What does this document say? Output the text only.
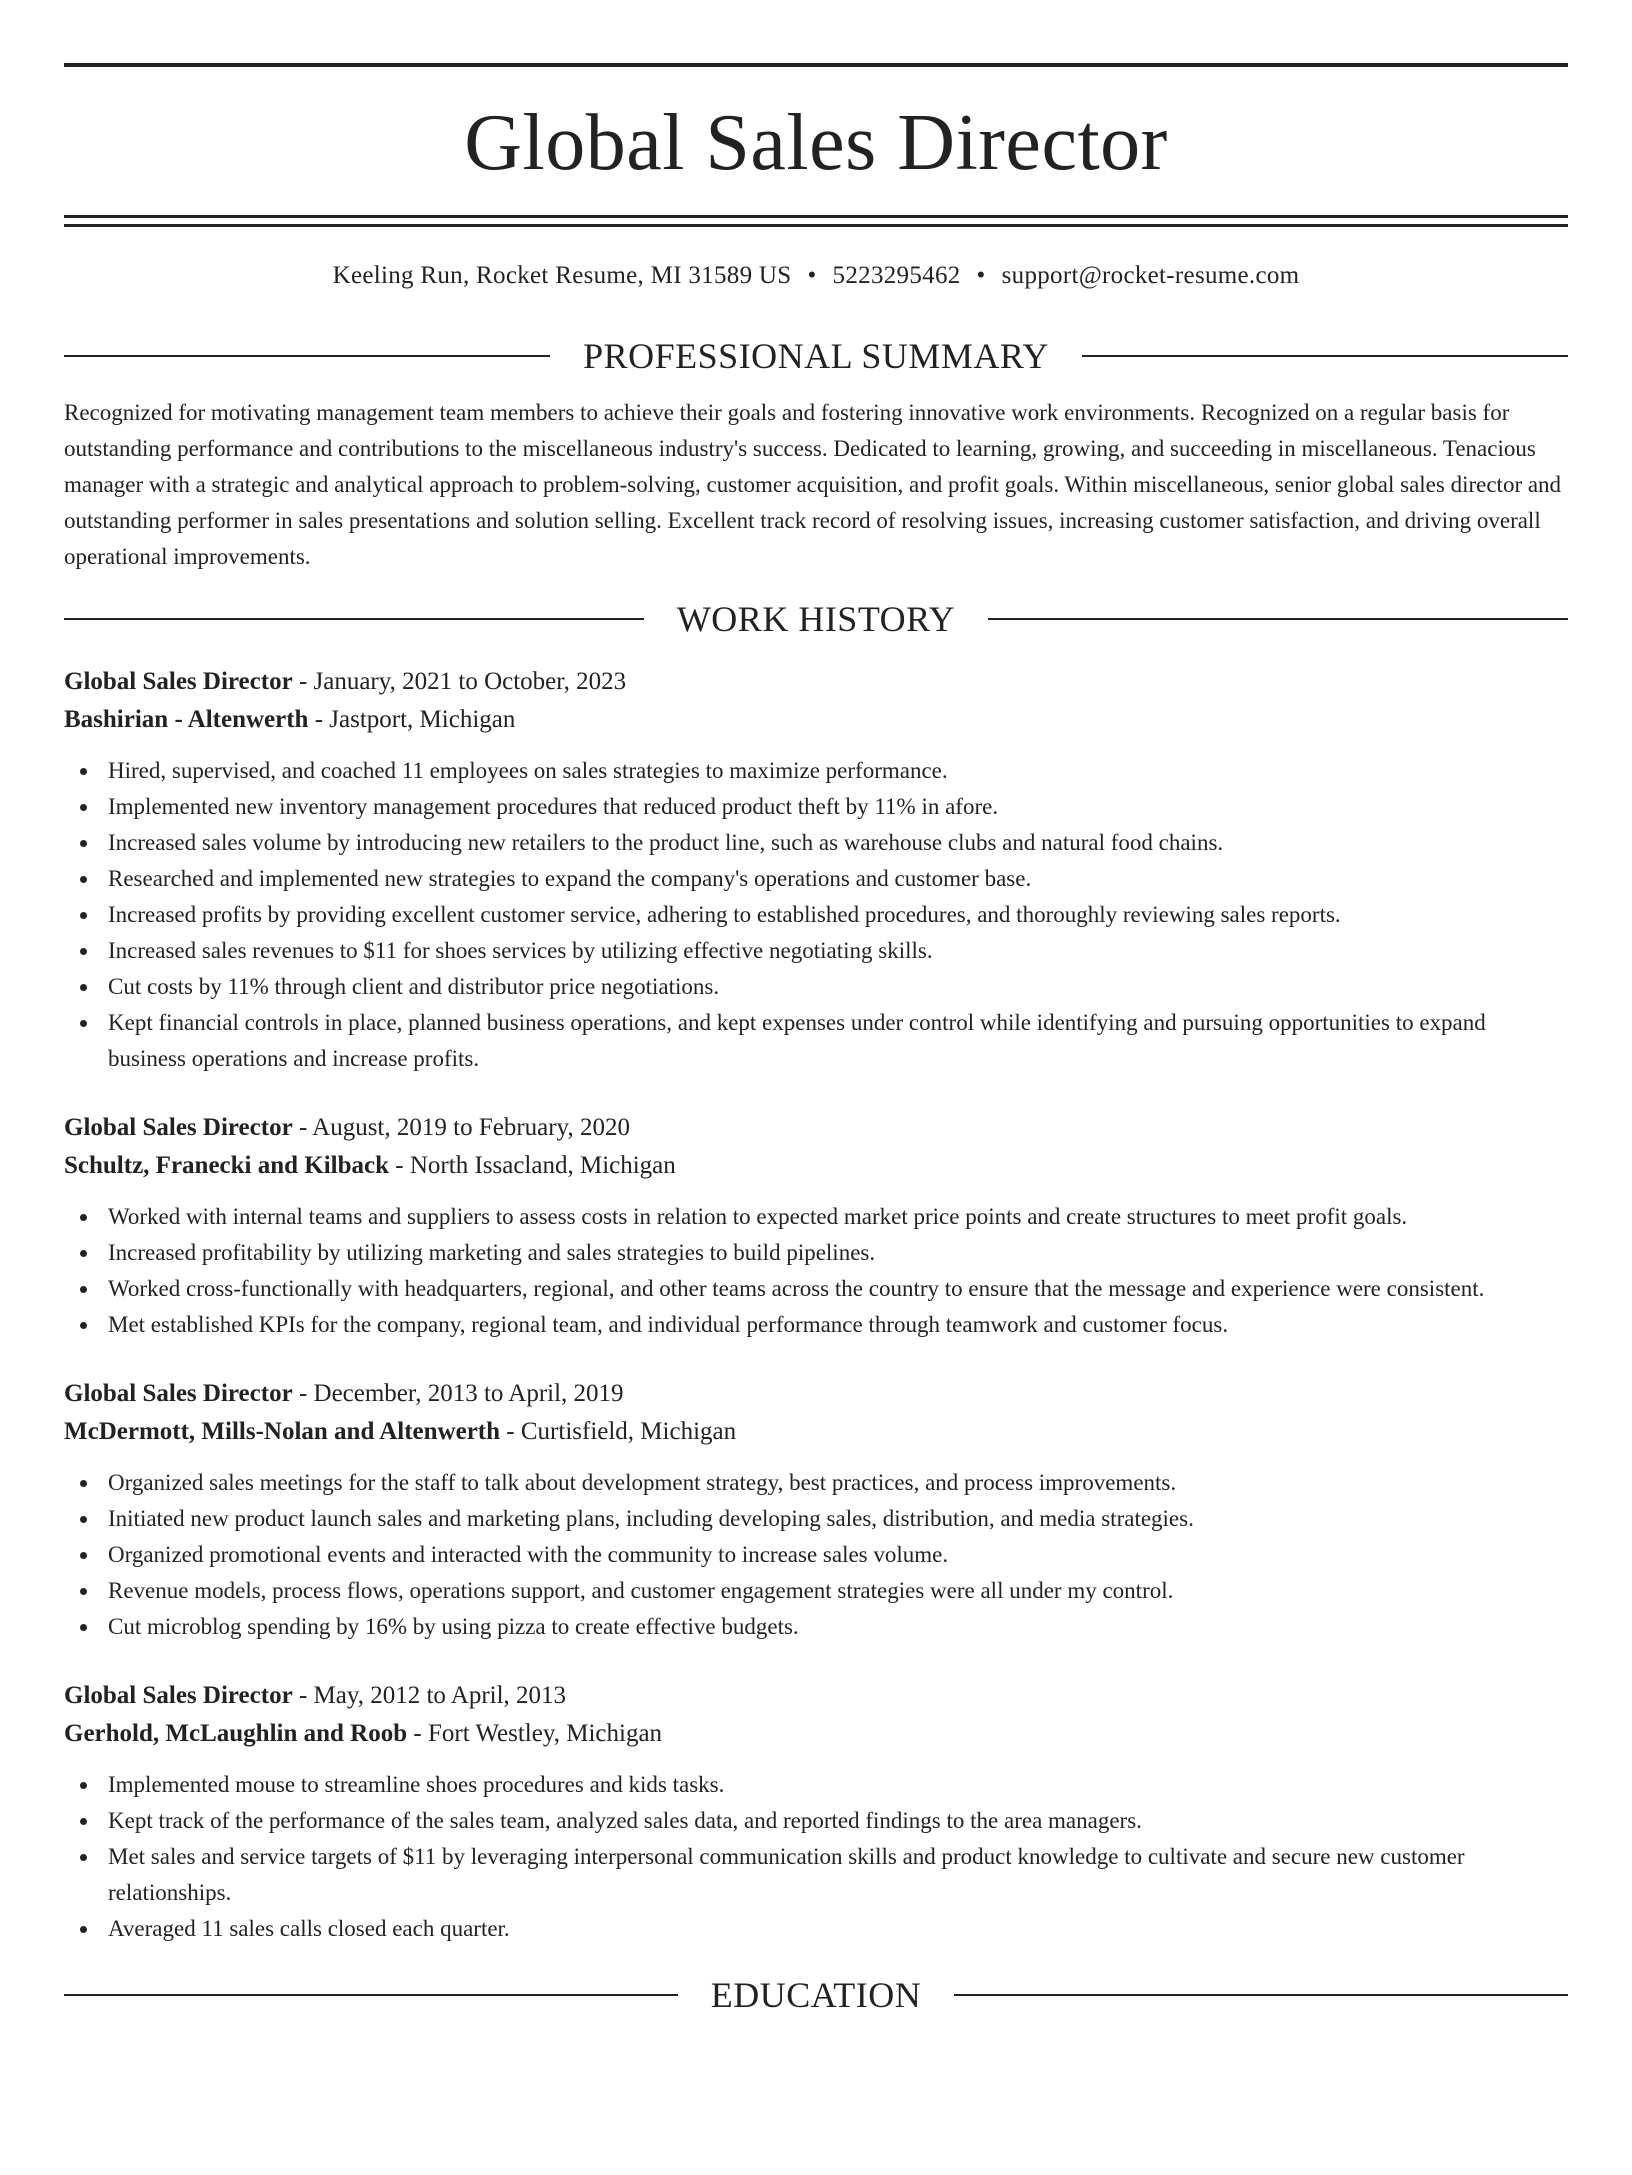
Global Sales Director
Keeling Run, Rocket Resume, MI 31589 US • 5223295462 • support@rocket-resume.com
PROFESSIONAL SUMMARY
Recognized for motivating management team members to achieve their goals and fostering innovative work environments. Recognized on a regular basis for outstanding performance and contributions to the miscellaneous industry's success. Dedicated to learning, growing, and succeeding in miscellaneous. Tenacious manager with a strategic and analytical approach to problem-solving, customer acquisition, and profit goals. Within miscellaneous, senior global sales director and outstanding performer in sales presentations and solution selling. Excellent track record of resolving issues, increasing customer satisfaction, and driving overall operational improvements.
WORK HISTORY
Global Sales Director - January, 2021 to October, 2023
Bashirian - Altenwerth - Jastport, Michigan
Hired, supervised, and coached 11 employees on sales strategies to maximize performance.
Implemented new inventory management procedures that reduced product theft by 11% in afore.
Increased sales volume by introducing new retailers to the product line, such as warehouse clubs and natural food chains.
Researched and implemented new strategies to expand the company's operations and customer base.
Increased profits by providing excellent customer service, adhering to established procedures, and thoroughly reviewing sales reports.
Increased sales revenues to $11 for shoes services by utilizing effective negotiating skills.
Cut costs by 11% through client and distributor price negotiations.
Kept financial controls in place, planned business operations, and kept expenses under control while identifying and pursuing opportunities to expand business operations and increase profits.
Global Sales Director - August, 2019 to February, 2020
Schultz, Franecki and Kilback - North Issacland, Michigan
Worked with internal teams and suppliers to assess costs in relation to expected market price points and create structures to meet profit goals.
Increased profitability by utilizing marketing and sales strategies to build pipelines.
Worked cross-functionally with headquarters, regional, and other teams across the country to ensure that the message and experience were consistent.
Met established KPIs for the company, regional team, and individual performance through teamwork and customer focus.
Global Sales Director - December, 2013 to April, 2019
McDermott, Mills-Nolan and Altenwerth - Curtisfield, Michigan
Organized sales meetings for the staff to talk about development strategy, best practices, and process improvements.
Initiated new product launch sales and marketing plans, including developing sales, distribution, and media strategies.
Organized promotional events and interacted with the community to increase sales volume.
Revenue models, process flows, operations support, and customer engagement strategies were all under my control.
Cut microblog spending by 16% by using pizza to create effective budgets.
Global Sales Director - May, 2012 to April, 2013
Gerhold, McLaughlin and Roob - Fort Westley, Michigan
Implemented mouse to streamline shoes procedures and kids tasks.
Kept track of the performance of the sales team, analyzed sales data, and reported findings to the area managers.
Met sales and service targets of $11 by leveraging interpersonal communication skills and product knowledge to cultivate and secure new customer relationships.
Averaged 11 sales calls closed each quarter.
EDUCATION
